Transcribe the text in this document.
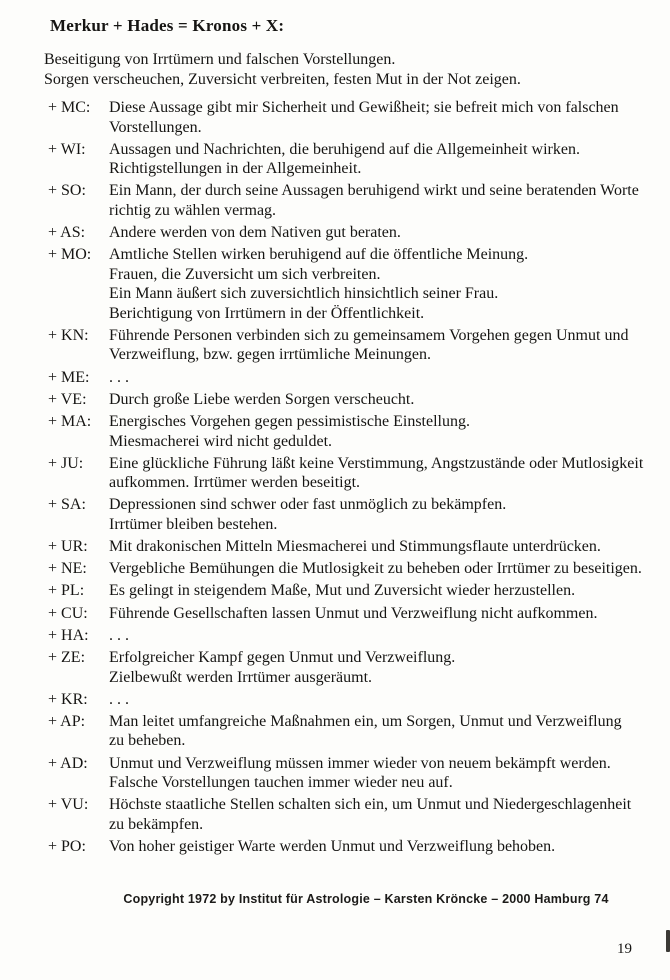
Merkur + Hades = Kronos + X:
Beseitigung von Irrtümern und falschen Vorstellungen.
Sorgen verscheuchen, Zuversicht verbreiten, festen Mut in der Not zeigen.
+ MC:	Diese Aussage gibt mir Sicherheit und Gewißheit; sie befreit mich von falschen
Vorstellungen.
+ WI:	Aussagen und Nachrichten, die beruhigend auf die Allgemeinheit wirken.
Richtigstellungen in der Allgemeinheit.
+ SO:	Ein Mann, der durch seine Aussagen beruhigend wirkt und seine beratenden Worte
richtig zu wählen vermag.
+ AS:	Andere werden von dem Nativen gut beraten.
+ MO:	Amtliche Stellen wirken beruhigend auf die öffentliche Meinung.
Frauen, die Zuversicht um sich verbreiten.
Ein Mann äußert sich zuversichtlich hinsichtlich seiner Frau.
Berichtigung von Irrtümern in der Öffentlichkeit.
+ KN:	Führende Personen verbinden sich zu gemeinsamem Vorgehen gegen Unmut und
Verzweiflung, bzw. gegen irrtümliche Meinungen.
+ ME:	. . .
+ VE:	Durch große Liebe werden Sorgen verscheucht.
+ MA:	Energisches Vorgehen gegen pessimistische Einstellung.
Miesmacherei wird nicht geduldet.
+ JU:	Eine glückliche Führung läßt keine Verstimmung, Angstzustände oder Mutlosigkeit
aufkommen. Irrtümer werden beseitigt.
+ SA:	Depressionen sind schwer oder fast unmöglich zu bekämpfen.
Irrtümer bleiben bestehen.
+ UR:	Mit drakonischen Mitteln Miesmacherei und Stimmungsflaute unterdrücken.
+ NE:	Vergebliche Bemühungen die Mutlosigkeit zu beheben oder Irrtümer zu beseitigen.
+ PL:	Es gelingt in steigendem Maße, Mut und Zuversicht wieder herzustellen.
+ CU:	Führende Gesellschaften lassen Unmut und Verzweiflung nicht aufkommen.
+ HA:	. . .
+ ZE:	Erfolgreicher Kampf gegen Unmut und Verzweiflung.
Zielbewußt werden Irrtümer ausgeräumt.
+ KR:	. . .
+ AP:	Man leitet umfangreiche Maßnahmen ein, um Sorgen, Unmut und Verzweiflung
zu beheben.
+ AD:	Unmut und Verzweiflung müssen immer wieder von neuem bekämpft werden.
Falsche Vorstellungen tauchen immer wieder neu auf.
+ VU:	Höchste staatliche Stellen schalten sich ein, um Unmut und Niedergeschlagenheit
zu bekämpfen.
+ PO:	Von hoher geistiger Warte werden Unmut und Verzweiflung behoben.
Copyright 1972 by Institut für Astrologie – Karsten Kröncke – 2000 Hamburg 74
19
